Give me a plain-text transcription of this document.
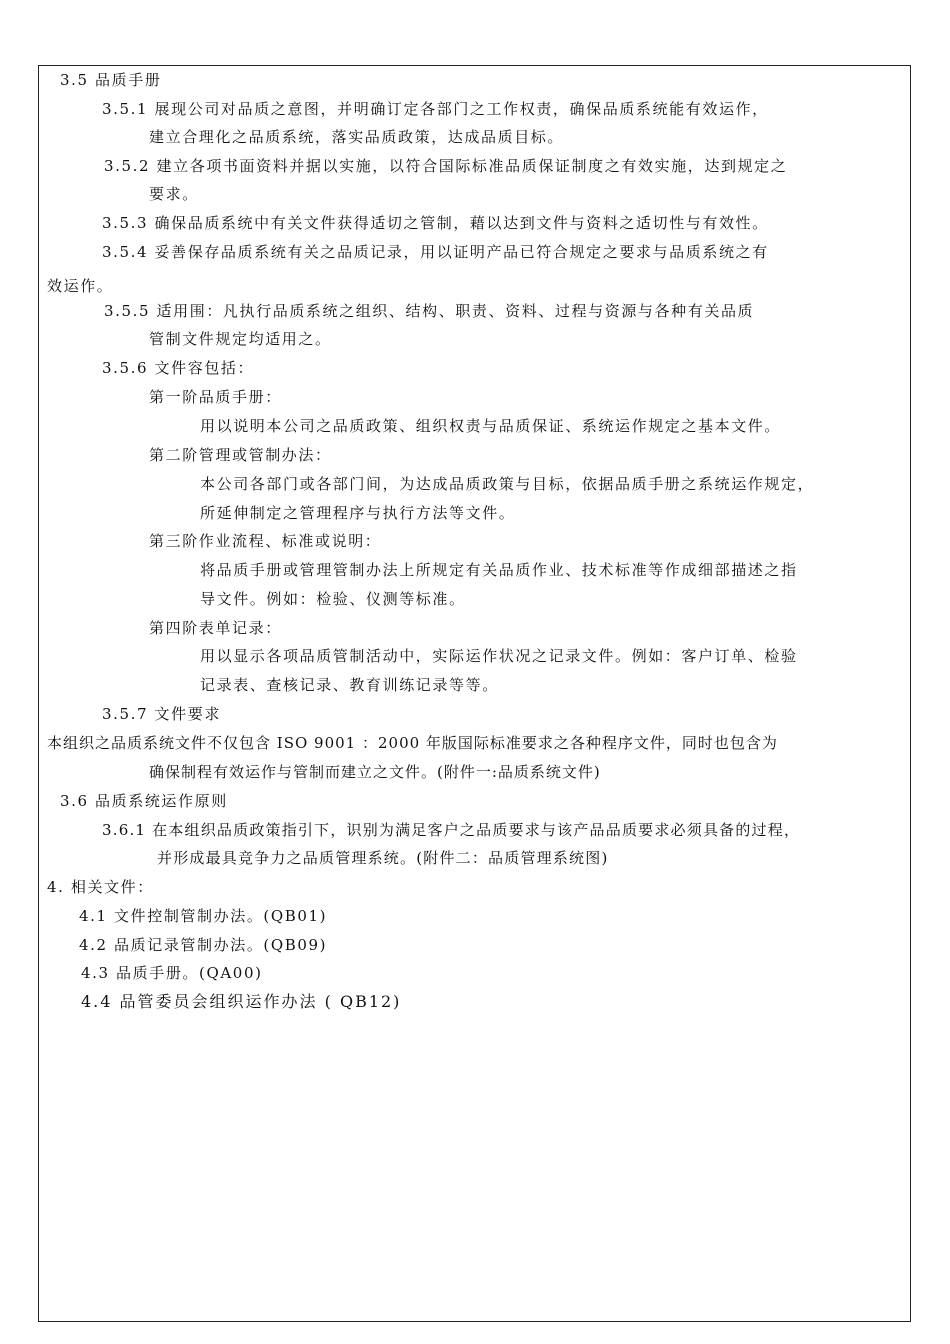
3.5 品质手册
3.5.1 展现公司对品质之意图，并明确订定各部门之工作权责，确保品质系统能有效运作，
建立合理化之品质系统，落实品质政策，达成品质目标。
3.5.2 建立各项书面资料并据以实施，以符合国际标准品质保证制度之有效实施，达到规定之
要求。
3.5.3 确保品质系统中有关文件获得适切之管制，藉以达到文件与资料之适切性与有效性。
3.5.4 妥善保存品质系统有关之品质记录，用以证明产品已符合规定之要求与品质系统之有
效运作。
3.5.5 适用围：凡执行品质系统之组织、结构、职责、资料、过程与资源与各种有关品质
管制文件规定均适用之。
3.5.6 文件容包括：
第一阶品质手册：
用以说明本公司之品质政策、组织权责与品质保证、系统运作规定之基本文件。
第二阶管理或管制办法：
本公司各部门或各部门间，为达成品质政策与目标，依据品质手册之系统运作规定，
所延伸制定之管理程序与执行方法等文件。
第三阶作业流程、标准或说明：
将品质手册或管理管制办法上所规定有关品质作业、技术标准等作成细部描述之指
导文件。例如：检验、仪测等标准。
第四阶表单记录：
用以显示各项品质管制活动中，实际运作状况之记录文件。例如：客户订单、检验
记录表、查核记录、教育训练记录等等。
3.5.7 文件要求
本组织之品质系统文件不仅包含 ISO 9001 ：2000 年版国际标准要求之各种程序文件，同时也包含为
确保制程有效运作与管制而建立之文件。(附件一:品质系统文件)
3.6 品质系统运作原则
3.6.1 在本组织品质政策指引下，识别为满足客户之品质要求与该产品品质要求必须具备的过程，
并形成最具竞争力之品质管理系统。(附件二：品质管理系统图)
4. 相关文件：
4.1 文件控制管制办法。(QB01)
4.2 品质记录管制办法。(QB09)
4.3 品质手册。(QA00)
4.4 品管委员会组织运作办法 ( QB12)
